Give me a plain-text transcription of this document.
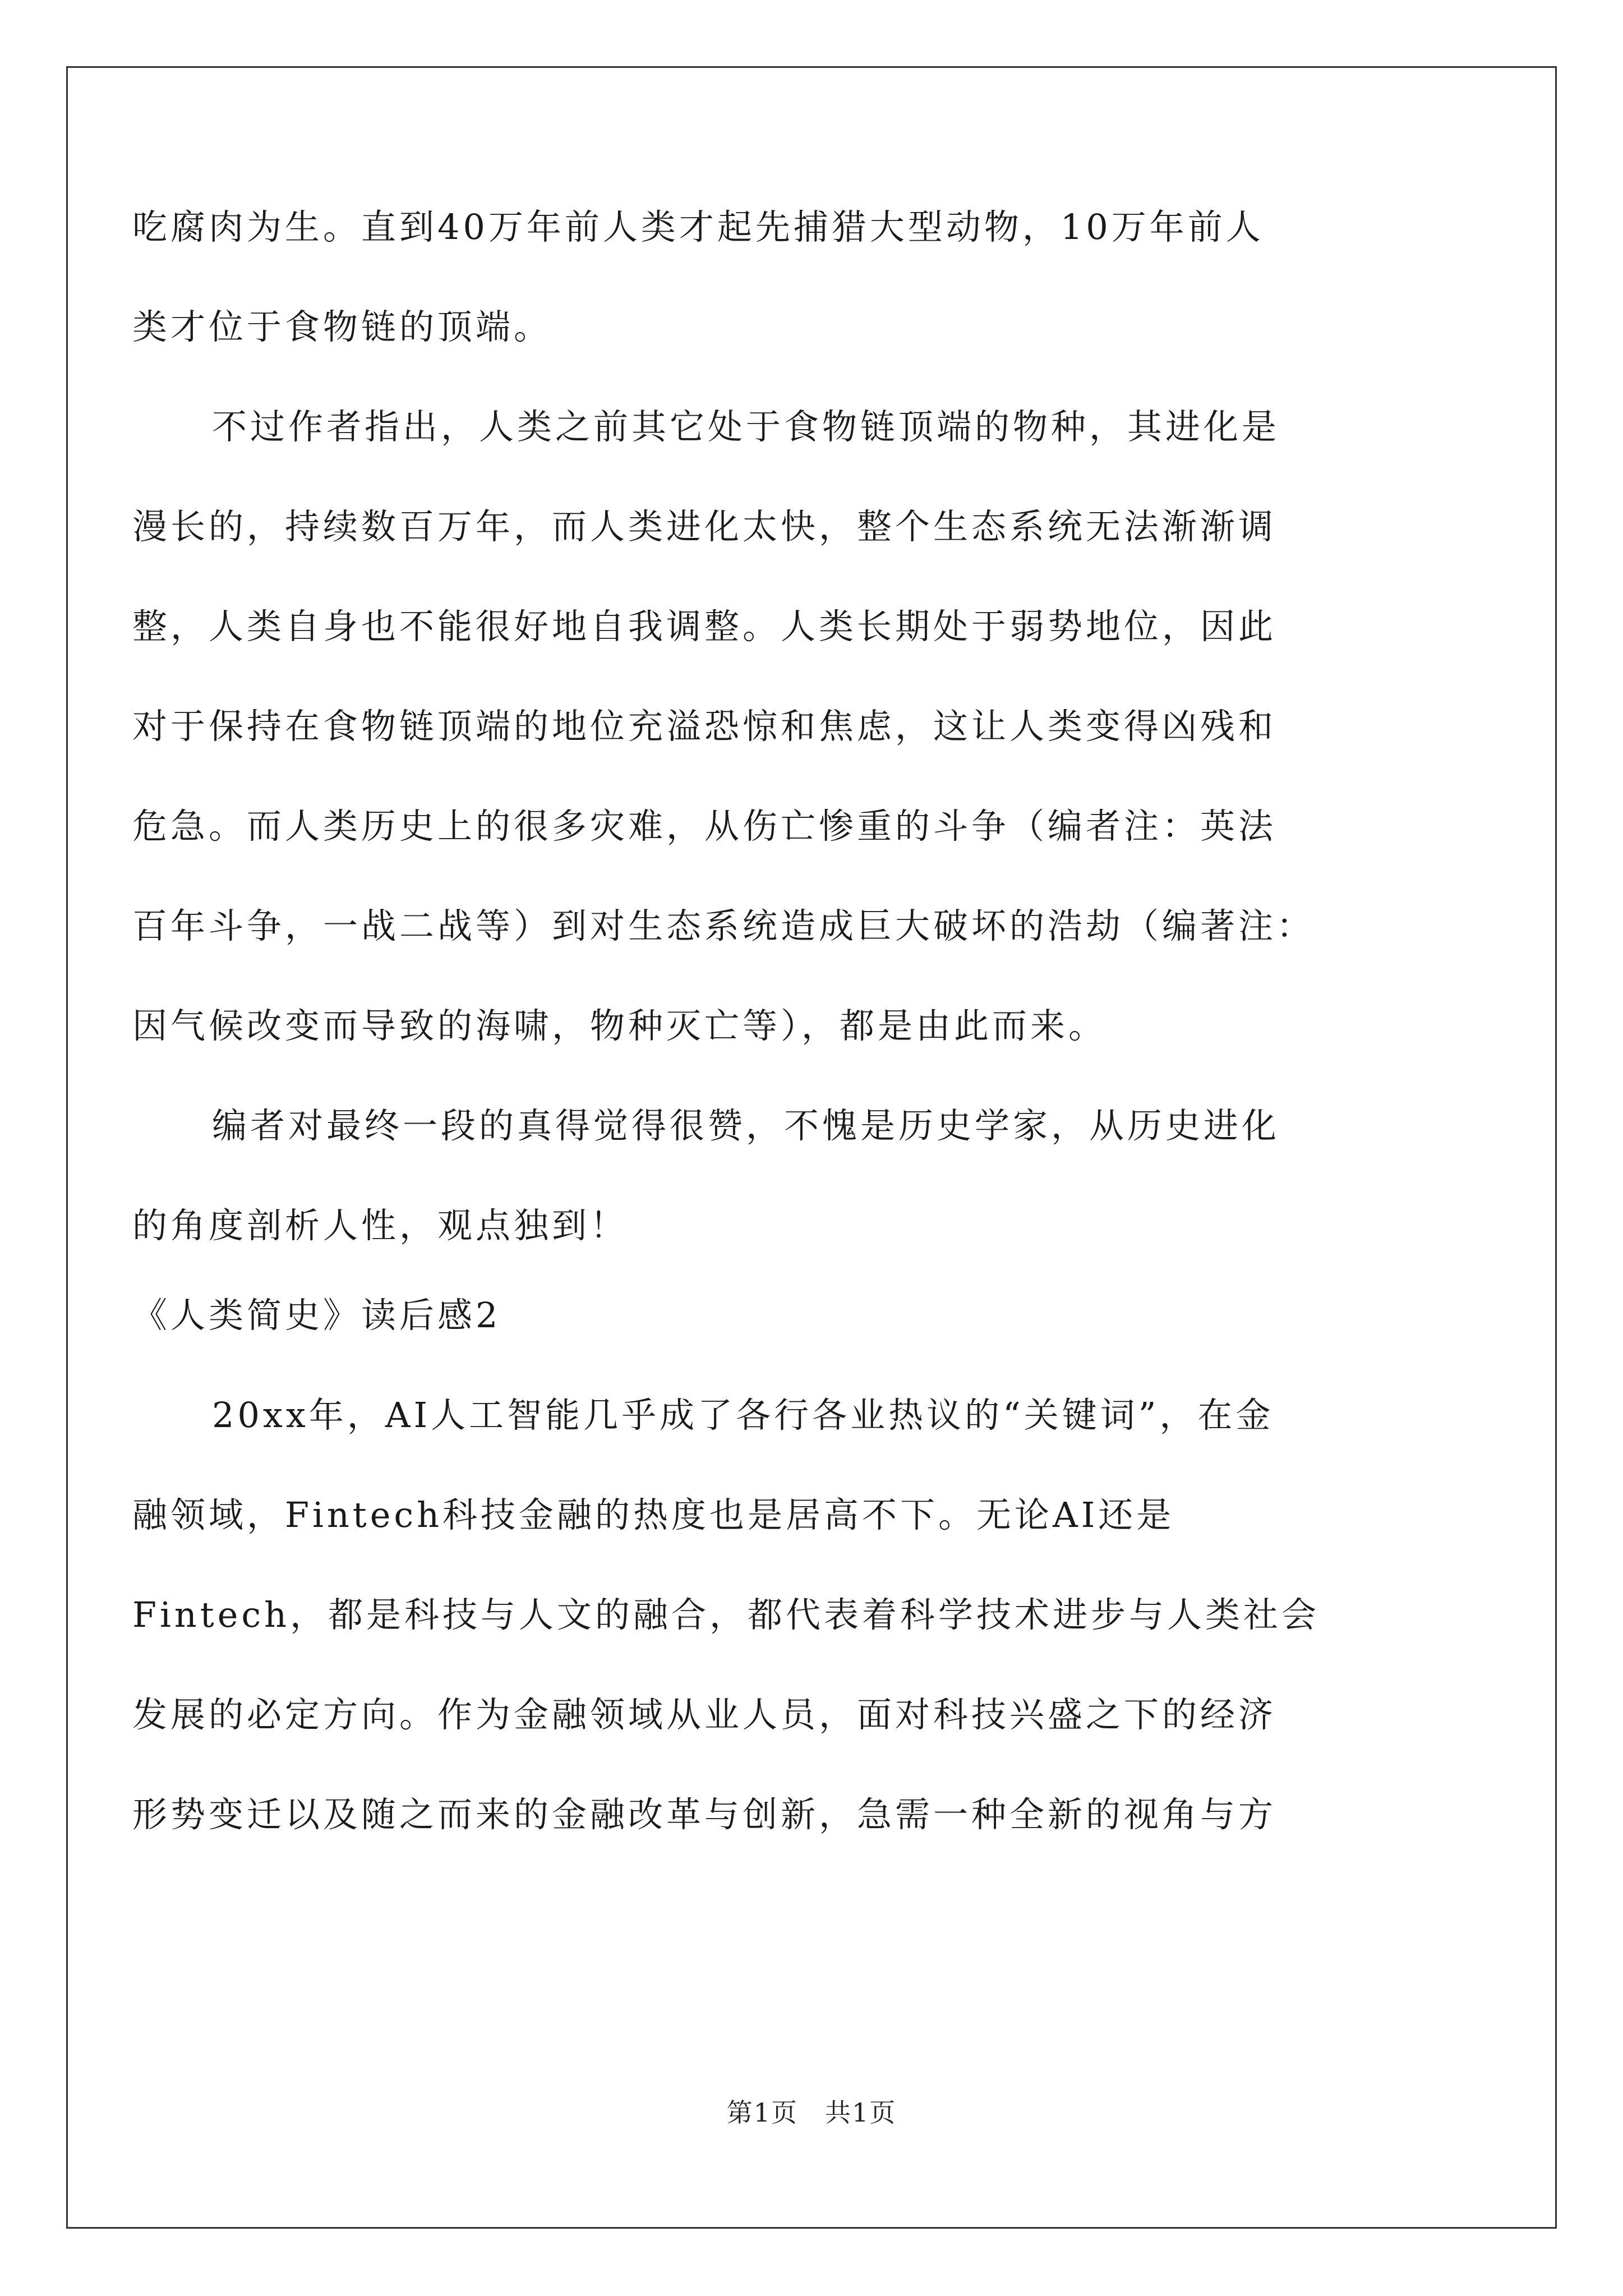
吃腐肉为生。直到40万年前人类才起先捕猎大型动物，10万年前人
类才位于食物链的顶端。
不过作者指出，人类之前其它处于食物链顶端的物种，其进化是
漫长的，持续数百万年，而人类进化太快，整个生态系统无法渐渐调
整，人类自身也不能很好地自我调整。人类长期处于弱势地位，因此
对于保持在食物链顶端的地位充溢恐惊和焦虑，这让人类变得凶残和
危急。而人类历史上的很多灾难，从伤亡惨重的斗争（编者注：英法
百年斗争，一战二战等）到对生态系统造成巨大破坏的浩劫（编著注：
因气候改变而导致的海啸，物种灭亡等），都是由此而来。
编者对最终一段的真得觉得很赞，不愧是历史学家，从历史进化
的角度剖析人性，观点独到！
《人类简史》读后感2
20xx年，AI人工智能几乎成了各行各业热议的“关键词”，在金
融领域，Fintech科技金融的热度也是居高不下。无论AI还是
Fintech，都是科技与人文的融合，都代表着科学技术进步与人类社会
发展的必定方向。作为金融领域从业人员，面对科技兴盛之下的经济
形势变迁以及随之而来的金融改革与创新，急需一种全新的视角与方
第1页　共1页
